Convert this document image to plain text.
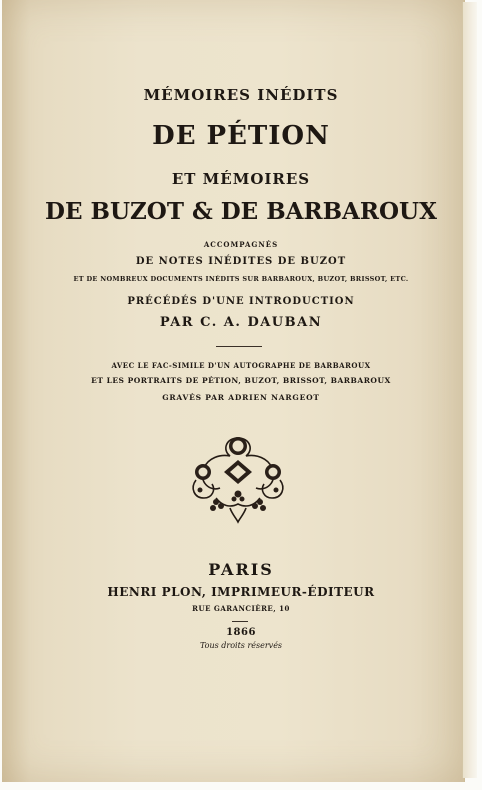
MÉMOIRES INÉDITS
DE PÉTION
ET MÉMOIRES
DE BUZOT & DE BARBAROUX
ACCOMPAGNÉS
DE NOTES INÉDITES DE BUZOT
ET DE NOMBREUX DOCUMENTS INÉDITS SUR BARBAROUX, BUZOT, BRISSOT, ETC.
PRÉCÉDÉS D'UNE INTRODUCTION
PAR C. A. DAUBAN
AVEC LE FAC-SIMILE D'UN AUTOGRAPHE DE BARBAROUX
ET LES PORTRAITS DE PÉTION, BUZOT, BRISSOT, BARBAROUX
GRAVÉS PAR ADRIEN NARGEOT
PARIS
HENRI PLON, IMPRIMEUR-ÉDITEUR
RUE GARANCIÈRE, 10
1866
Tous droits réservés
